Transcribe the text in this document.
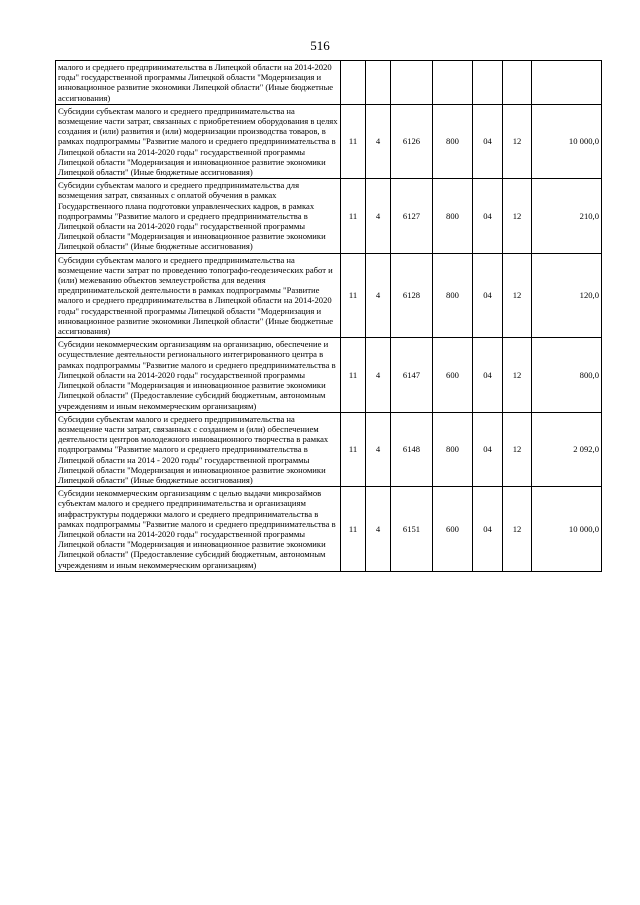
516
малого и среднего предпринимательства в Липецкой области на 2014-2020 годы" государственной программы Липецкой области "Модернизация и инновационное развитие экономики Липецкой области" (Иные бюджетные ассигнования)							
Субсидии субъектам малого и среднего предпринимательства на возмещение части затрат, связанных с приобретением оборудования в целях создания и (или) развития и (или) модернизации производства товаров, в рамках подпрограммы "Развитие малого и среднего предпринимательства в Липецкой области на 2014-2020 годы" государственной программы Липецкой области "Модернизация и инновационное развитие экономики Липецкой области" (Иные бюджетные ассигнования)	11	4	6126	800	04	12	10 000,0
Субсидии субъектам малого и среднего предпринимательства для возмещения затрат, связанных с оплатой обучения в рамках Государственного плана подготовки управленческих кадров, в рамках подпрограммы "Развитие малого и среднего предпринимательства в Липецкой области на 2014-2020 годы" государственной программы Липецкой области "Модернизация и инновационное развитие экономики Липецкой области" (Иные бюджетные ассигнования)	11	4	6127	800	04	12	210,0
Субсидии субъектам малого и среднего предпринимательства на возмещение части затрат по проведению топографо-геодезических работ и (или) межеванию объектов землеустройства для ведения предпринимательской деятельности в рамках подпрограммы "Развитие малого и среднего предпринимательства в Липецкой области на 2014-2020 годы" государственной программы Липецкой области "Модернизация и инновационное развитие экономики Липецкой области" (Иные бюджетные ассигнования)	11	4	6128	800	04	12	120,0
Субсидии некоммерческим организациям на организацию, обеспечение и осуществление деятельности регионального интегрированного центра в рамках подпрограммы "Развитие малого и среднего предпринимательства в Липецкой области на 2014-2020 годы" государственной программы Липецкой области "Модернизация и инновационное развитие экономики Липецкой области" (Предоставление субсидий бюджетным, автономным учреждениям и иным некоммерческим организациям)	11	4	6147	600	04	12	800,0
Субсидии субъектам малого и среднего предпринимательства на возмещение части затрат, связанных с созданием и (или) обеспечением деятельности центров молодежного инновационного творчества в рамках подпрограммы "Развитие малого и среднего предпринимательства в Липецкой области на 2014 - 2020 годы" государственной программы Липецкой области "Модернизация и инновационное развитие экономики Липецкой области" (Иные бюджетные ассигнования)	11	4	6148	800	04	12	2 092,0
Субсидии некоммерческим организациям с целью выдачи микрозаймов субъектам малого и среднего предпринимательства и организациям инфраструктуры поддержки малого и среднего предпринимательства в рамках подпрограммы "Развитие малого и среднего предпринимательства в Липецкой области на 2014-2020 годы" государственной программы Липецкой области "Модернизация и инновационное развитие экономики Липецкой области" (Предоставление субсидий бюджетным, автономным учреждениям и иным некоммерческим организациям)	11	4	6151	600	04	12	10 000,0
